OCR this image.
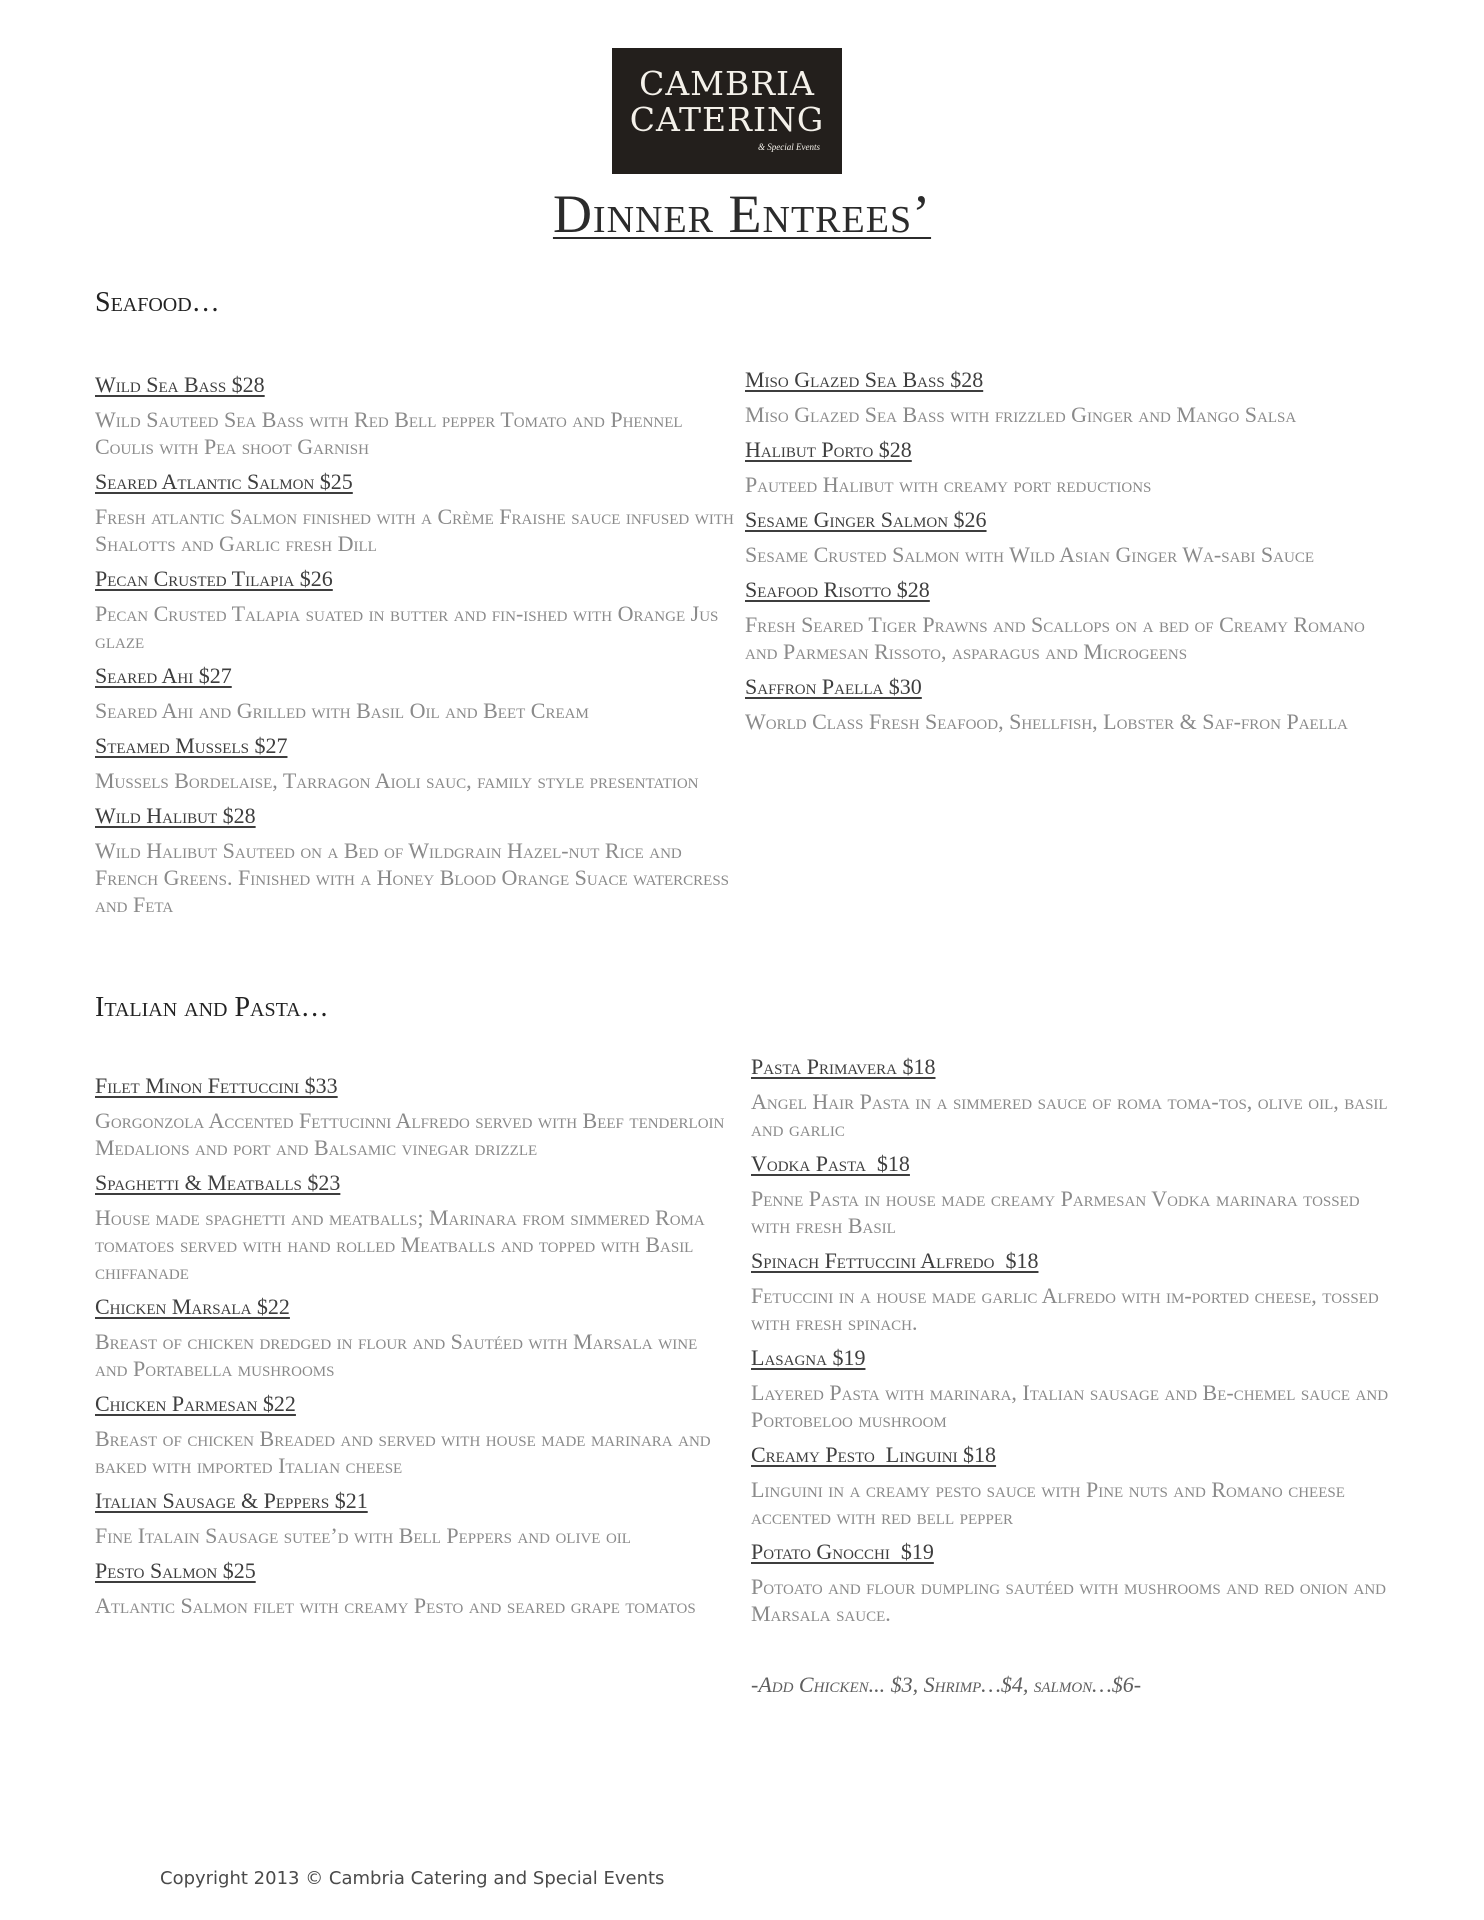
CAMBRIA
CATERING
& Special Events
Dinner Entrees’
Seafood…
Wild Sea Bass $28
Wild Sauteed Sea Bass with Red Bell pepper Tomato and Phennel Coulis with Pea shoot Garnish
Seared Atlantic Salmon $25
Fresh atlantic Salmon finished with a Crème Fraishe sauce infused with Shalotts and Garlic fresh Dill
Pecan Crusted Tilapia $26
Pecan Crusted Talapia suated in butter and fin-ished with Orange Jus glaze
Seared Ahi $27
Seared Ahi and Grilled with Basil Oil and Beet Cream
Steamed Mussels $27
Mussels Bordelaise, Tarragon Aioli sauc, family style presentation
Wild Halibut $28
Wild Halibut Sauteed on a Bed of Wildgrain Hazel-nut Rice and French Greens. Finished with a Honey Blood Orange Suace watercress and Feta
Miso Glazed Sea Bass $28
Miso Glazed Sea Bass with frizzled Ginger and Mango Salsa
Halibut Porto $28
Pauteed Halibut with creamy port reductions
Sesame Ginger Salmon $26
Sesame Crusted Salmon with Wild Asian Ginger Wa-sabi Sauce
Seafood Risotto $28
Fresh Seared Tiger Prawns and Scallops on a bed of Creamy Romano and Parmesan Rissoto, asparagus and Microgeens
Saffron Paella $30
World Class Fresh Seafood, Shellfish, Lobster & Saf-fron Paella
Italian and Pasta…
Filet Minon Fettuccini $33
Gorgonzola Accented Fettucinni Alfredo served with Beef tenderloin Medalions and port and Balsamic vinegar drizzle
Spaghetti & Meatballs $23
House made spaghetti and meatballs; Marinara from simmered Roma tomatoes served with hand rolled Meatballs and topped with Basil chiffanade
Chicken Marsala $22
Breast of chicken dredged in flour and Sautéed with Marsala wine and Portabella mushrooms
Chicken Parmesan $22
Breast of chicken Breaded and served with house made marinara and baked with imported Italian cheese
Italian Sausage & Peppers $21
Fine Italain Sausage sutee’d with Bell Peppers and olive oil
Pesto Salmon $25
Atlantic Salmon filet with creamy Pesto and seared grape tomatos
Pasta Primavera $18
Angel Hair Pasta in a simmered sauce of roma toma-tos, olive oil, basil and garlic
Vodka Pasta  $18
Penne Pasta in house made creamy Parmesan Vodka marinara tossed with fresh Basil
Spinach Fettuccini Alfredo  $18
Fetuccini in a house made garlic Alfredo with im-ported cheese, tossed with fresh spinach.
Lasagna $19
Layered Pasta with marinara, Italian sausage and Be-chemel sauce and Portobeloo mushroom
Creamy Pesto  Linguini $18
Linguini in a creamy pesto sauce with Pine nuts and Romano cheese accented with red bell pepper
Potato Gnocchi  $19
Potoato and flour dumpling sautéed with mushrooms and red onion and Marsala sauce.
-Add Chicken... $3, Shrimp…$4, salmon…$6-
Copyright 2013 © Cambria Catering and Special Events
